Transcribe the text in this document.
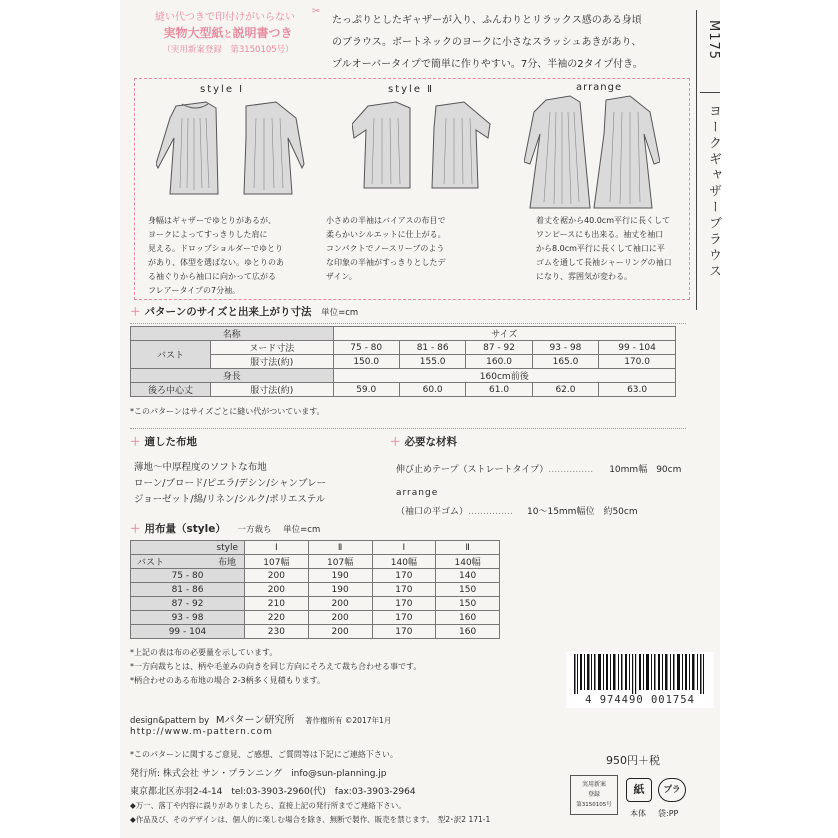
縫い代つきで印付けがいらない
✂
実物大型紙と説明書つき
（実用新案登録　第3150105号）
たっぷりとしたギャザーが入り、ふんわりとリラックス感のある身頃
のブラウス。ボートネックのヨークに小さなスラッシュあきがあり、
プルオーバータイプで簡単に作りやすい。7分、半袖の2タイプ付き。
M175
ヨークギャザーブラウス
style Ⅰ	style Ⅱ	arrange
身幅はギャザーでゆとりがあるが、
ヨークによってすっきりした肩に
見える。ドロップショルダーでゆとり
があり、体型を選ばない。ゆとりのあ
る袖ぐりから袖口に向かって広がる
フレアータイプの7分袖。
小さめの半袖はバイアスの布目で
柔らかいシルエットに仕上がる。
コンパクトでノースリーブのよう
な印象の半袖がすっきりとしたデ
ザイン。
着丈を裾から40.0cm平行に長くして
ワンピースにも出来る。袖丈を袖口
から8.0cm平行に長くして袖口に平
ゴムを通して長袖シャーリングの袖口
になり、雰囲気が変わる。
＋ パターンのサイズと出来上がり寸法 単位=cm
名称		サイズ				
バスト	ヌード寸法	75 - 80	81 - 86	87 - 92	93 - 98	99 - 104
	服寸法(約)	150.0	155.0	160.0	165.0	170.0
身長		160cm前後				
後ろ中心丈	服寸法(約)	59.0	60.0	61.0	62.0	63.0
*このパターンはサイズごとに縫い代がついています。
＋ 適した布地
薄地～中厚程度のソフトな布地
ローン/ブロード/ピエラ/デシン/シャンブレー
ジョーゼット/綿/リネン/シルク/ポリエステル
＋ 必要な材料
伸び止めテープ（ストレートタイプ）…………… 10mm幅　90cm
arrange
（袖口の平ゴム）…………… 10～15mm幅位　約50cm
＋ 用布量（style） 一方裁ち 単位=cm
style	Ⅰ	Ⅱ	Ⅰ	Ⅱ

バスト 布地	107幅	107幅	140幅	140幅
75 - 80	200	190	170	140
81 - 86	200	190	170	150
87 - 92	210	200	170	150
93 - 98	220	200	170	160
99 - 104	230	200	170	160
*上記の表は布の必要量を示しています。
*一方向裁ちとは、柄や毛並みの向きを同じ方向にそろえて裁ち合わせる事です。
*柄合わせのある布地の場合 2-3柄多く見積もります。
4 974490 001754
design&pattern by Mパターン研究所 著作権所有 ©2017年1月
http://www.m-pattern.com
*このパターンに関するご意見、ご感想、ご質問等は下記にご連絡下さい。
発行所: 株式会社 サン・プランニング　info@sun-planning.jp
東京都北区赤羽2-4-14　tel:03-3903-2960(代)　fax:03-3903-2964
◆万一、落丁や内容に誤りがありましたら、直接上記の発行所までご連絡下さい。
◆作品及び、そのデザインは、個人的に楽しむ場合を除き、無断で製作、販売を禁じます。　型2･訳2 171-1
950円＋税
実用新案
登録
第3150105号
紙	プラ
本体 袋:PP
